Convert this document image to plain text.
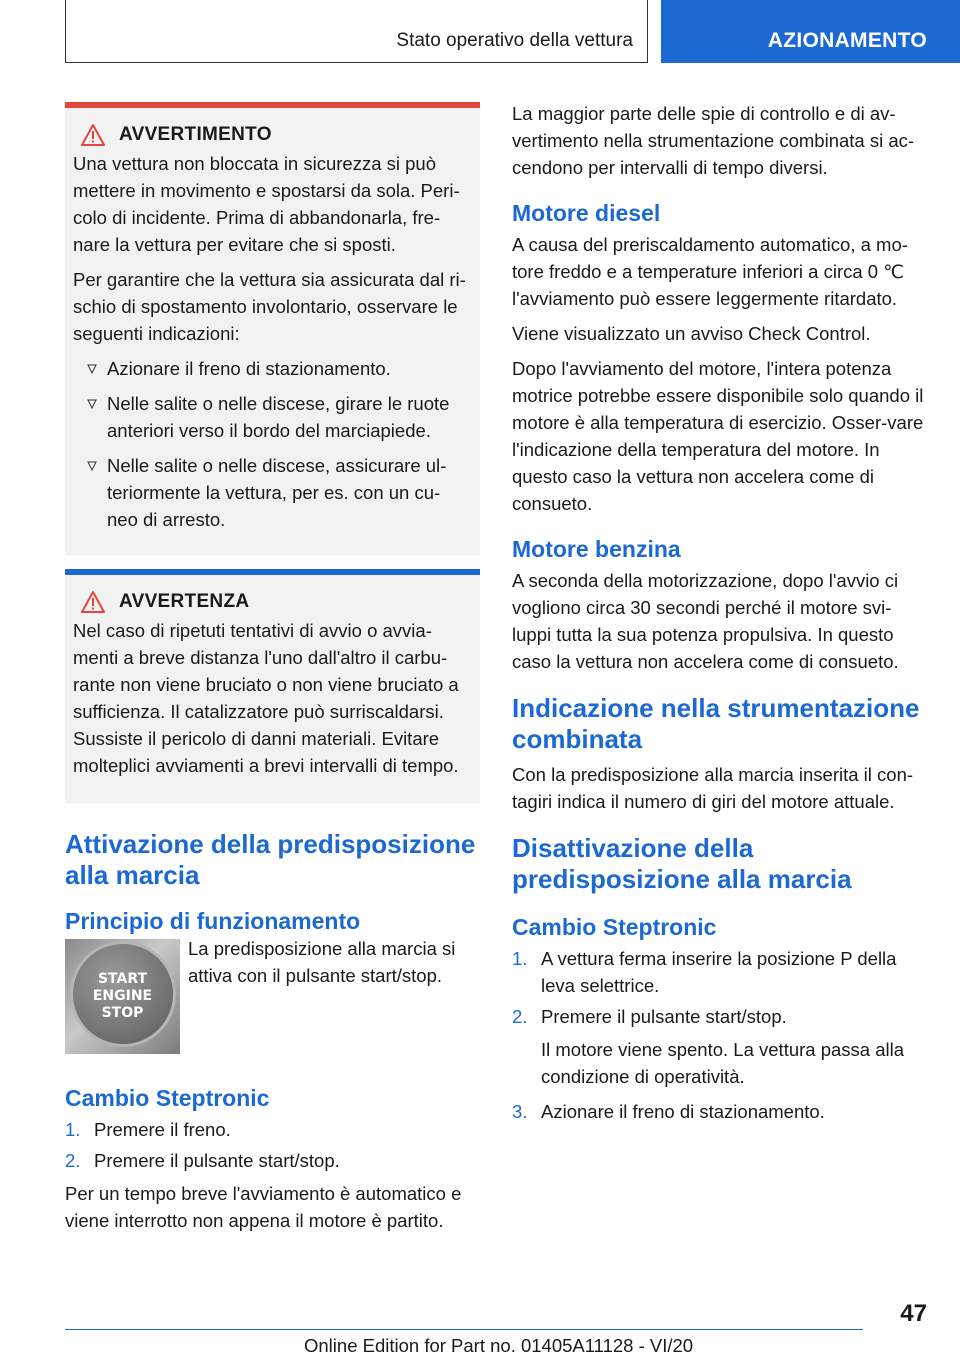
Stato operativo della vettura	AZIONAMENTO
AVVERTIMENTO

Una vettura non bloccata in sicurezza si può mettere in movimento e spostarsi da sola. Peri-colo di incidente. Prima di abbandonarla, fre-nare la vettura per evitare che si sposti.

Per garantire che la vettura sia assicurata dal ri-schio di spostamento involontario, osservare le seguenti indicazioni:

Azionare il freno di stazionamento.
Nelle salite o nelle discese, girare le ruote anteriori verso il bordo del marciapiede.
Nelle salite o nelle discese, assicurare ul-teriormente la vettura, per es. con un cu-neo di arresto.
AVVERTENZA

Nel caso di ripetuti tentativi di avvio o avvia-menti a breve distanza l'uno dall'altro il carbu-rante non viene bruciato o non viene bruciato a sufficienza. Il catalizzatore può surriscaldarsi. Sussiste il pericolo di danni materiali. Evitare molteplici avviamenti a brevi intervalli di tempo.

Attivazione della predisposizione alla marcia
Principio di funzionamento
START
ENGINE
STOP

La predisposizione alla marcia si attiva con il pulsante start/stop.

Cambio Steptronic
1. Premere il freno.
2. Premere il pulsante start/stop.

Per un tempo breve l'avviamento è automatico e viene interrotto non appena il motore è partito.

La maggior parte delle spie di controllo e di av-vertimento nella strumentazione combinata si ac-cendono per intervalli di tempo diversi.

Motore diesel

A causa del preriscaldamento automatico, a mo-tore freddo e a temperature inferiori a circa 0 ℃ l'avviamento può essere leggermente ritardato.

Viene visualizzato un avviso Check Control.

Dopo l'avviamento del motore, l'intera potenza motrice potrebbe essere disponibile solo quando il motore è alla temperatura di esercizio. Osser-vare l'indicazione della temperatura del motore. In questo caso la vettura non accelera come di consueto.

Motore benzina

A seconda della motorizzazione, dopo l'avvio ci vogliono circa 30 secondi perché il motore svi-luppi tutta la sua potenza propulsiva. In questo caso la vettura non accelera come di consueto.

Indicazione nella strumentazione combinata

Con la predisposizione alla marcia inserita il con-tagiri indica il numero di giri del motore attuale.

Disattivazione della predisposizione alla marcia
Cambio Steptronic
1. A vettura ferma inserire la posizione P della leva selettrice.
2. Premere il pulsante start/stop.

Il motore viene spento. La vettura passa alla condizione di operatività.

3. Azionare il freno di stazionamento.
47
Online Edition for Part no. 01405A11128 - VI/20
